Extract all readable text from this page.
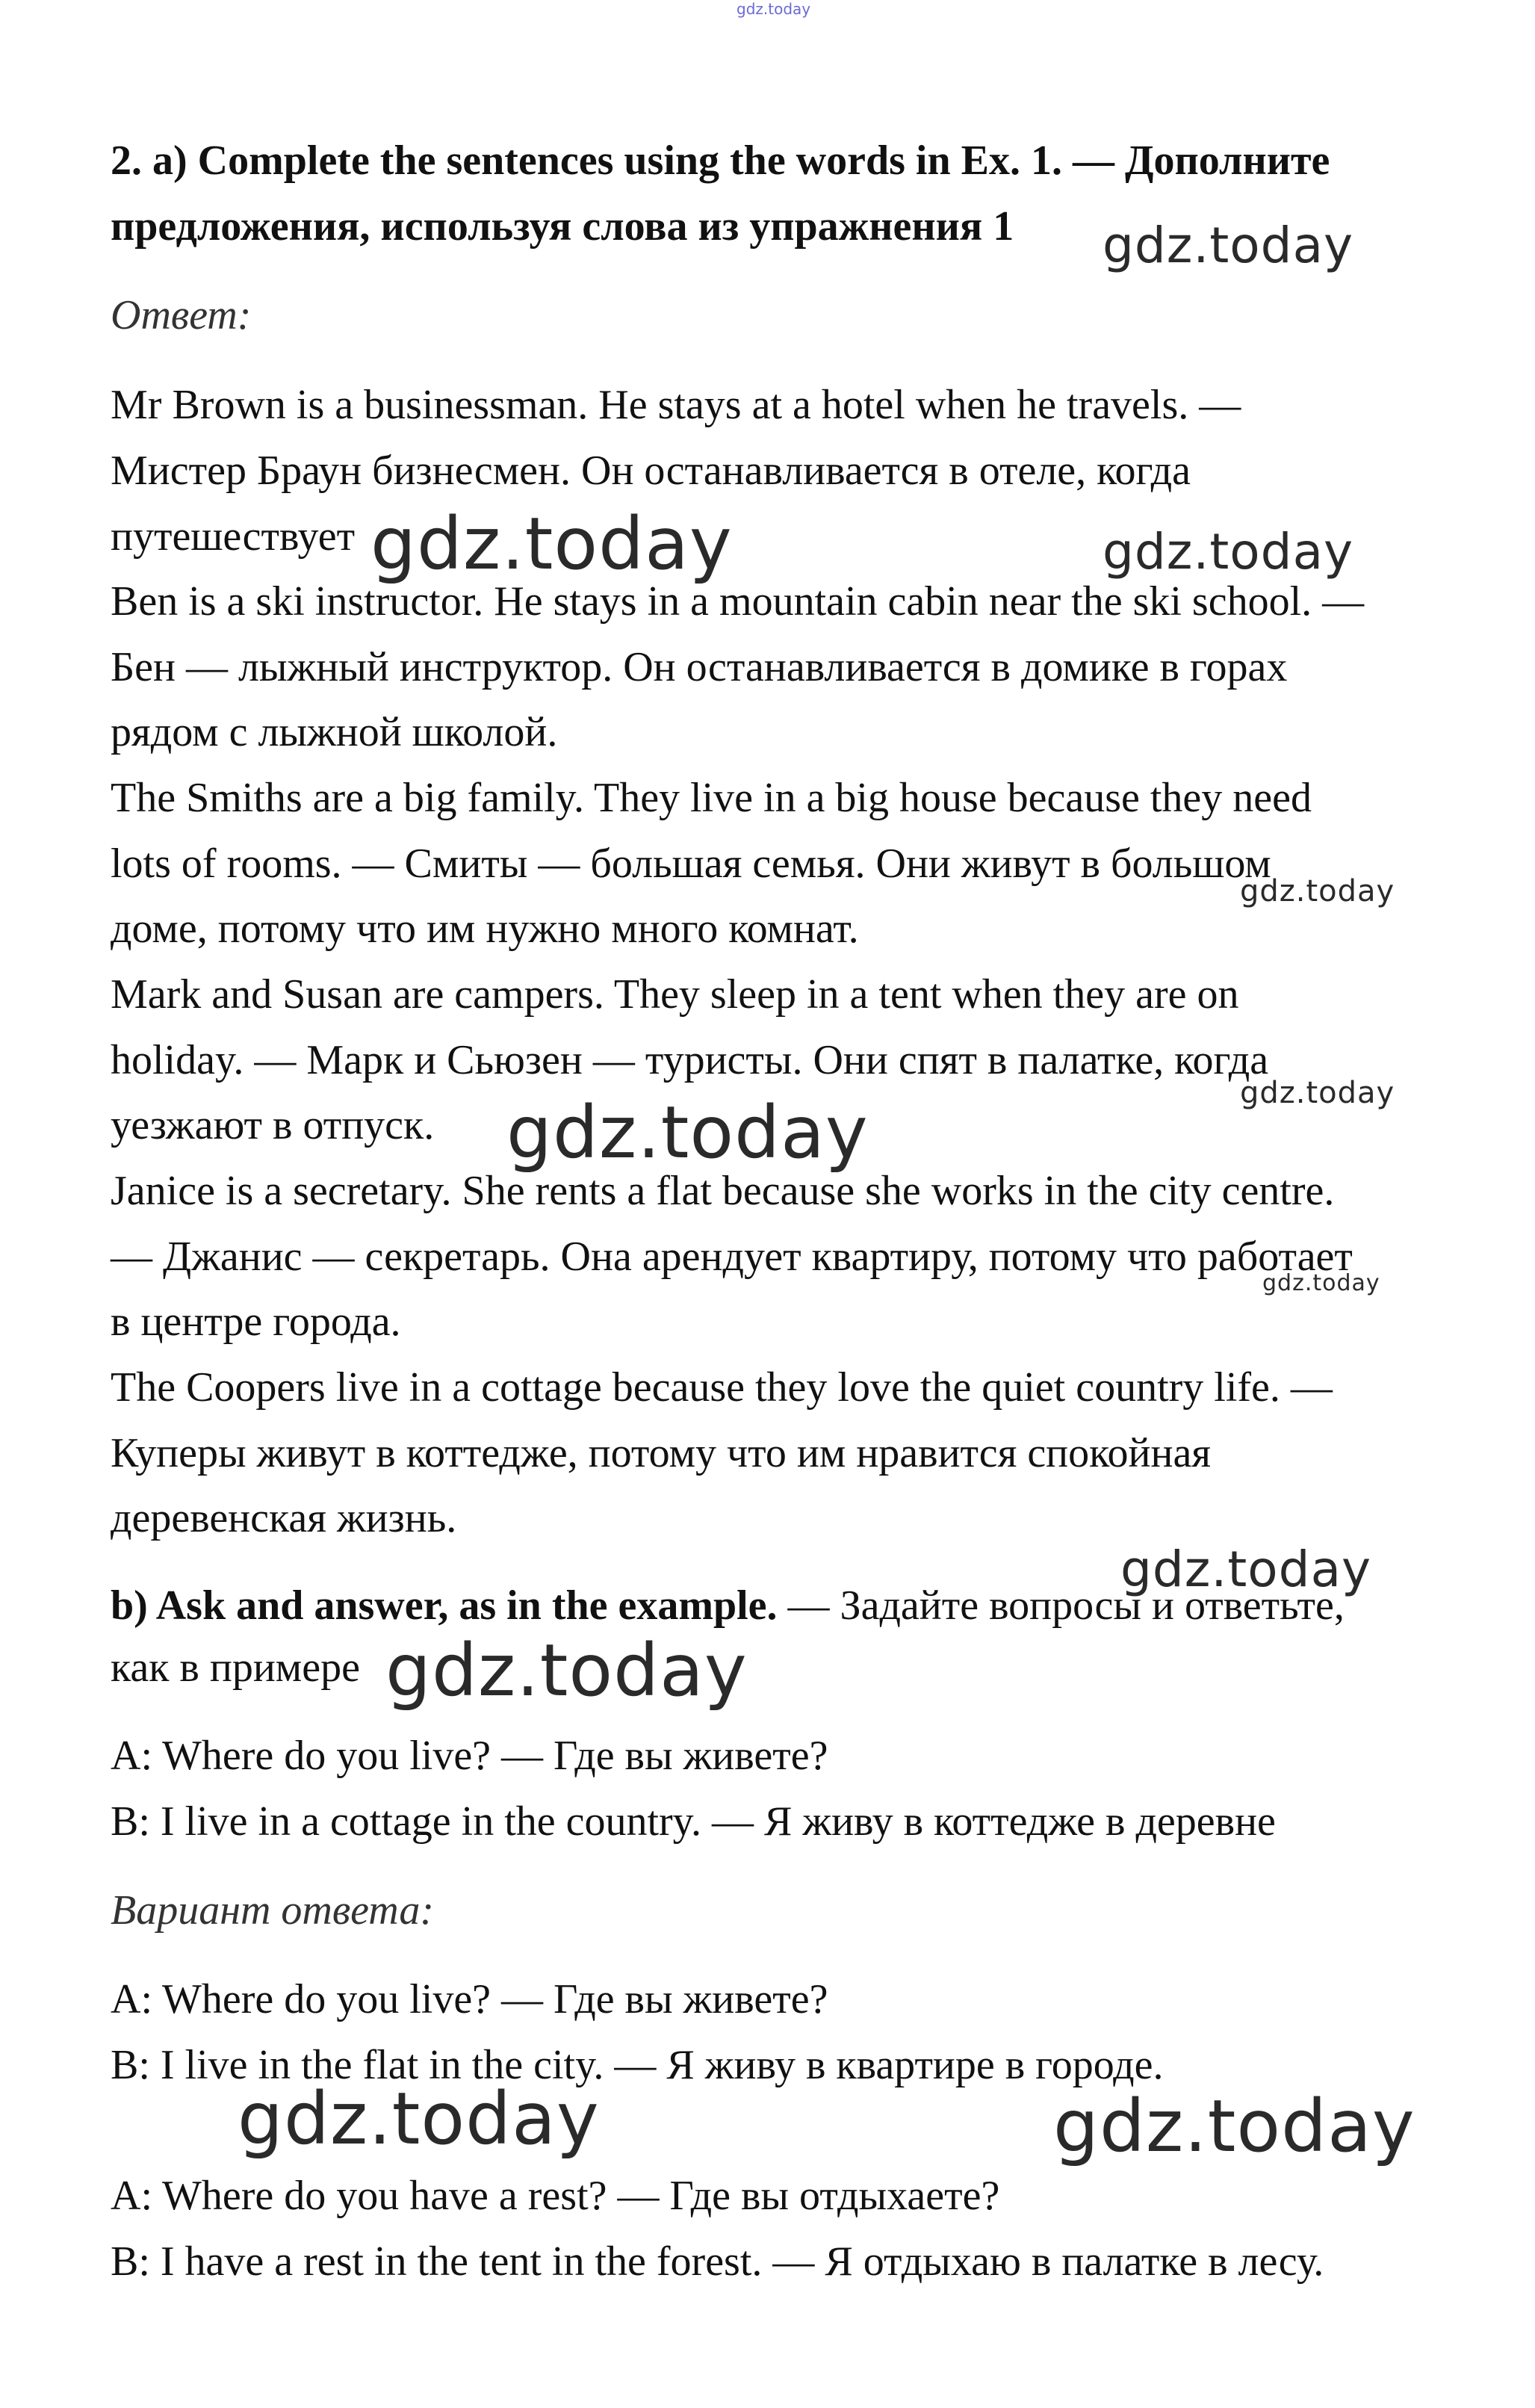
gdz.today
2. a) Complete the sentences using the words in Ex. 1. — Дополните
предложения, используя слова из упражнения 1
Ответ:
Mr Brown is a businessman. He stays at a hotel when he travels. —
Мистер Браун бизнесмен. Он останавливается в отеле, когда
путешествует
Ben is a ski instructor. He stays in a mountain cabin near the ski school. —
Бен — лыжный инструктор. Он останавливается в домике в горах
рядом с лыжной школой.
The Smiths are a big family. They live in a big house because they need
lots of rooms. — Смиты — большая семья. Они живут в большом
доме, потому что им нужно много комнат.
Mark and Susan are campers. They sleep in a tent when they are on
holiday. — Марк и Сьюзен — туристы. Они спят в палатке, когда
уезжают в отпуск.
Janice is a secretary. She rents a flat because she works in the city centre.
— Джанис — секретарь. Она арендует квартиру, потому что работает
в центре города.
The Coopers live in a cottage because they love the quiet country life. —
Куперы живут в коттедже, потому что им нравится спокойная
деревенская жизнь.
b) Ask and answer, as in the example. — Задайте вопросы и ответьте,
как в примере
A: Where do you live? — Где вы живете?
B: I live in a cottage in the country. — Я живу в коттедже в деревне
Вариант ответа:
A: Where do you live? — Где вы живете?
B: I live in the flat in the city. — Я живу в квартире в городе.
A: Where do you have a rest? — Где вы отдыхаете?
B: I have a rest in the tent in the forest. — Я отдыхаю в палатке в лесу.
gdz.today
gdz.today	gdz.today
gdz.today
gdz.today
gdz.today
gdz.today
gdz.today
gdz.today
gdz.today	gdz.today
